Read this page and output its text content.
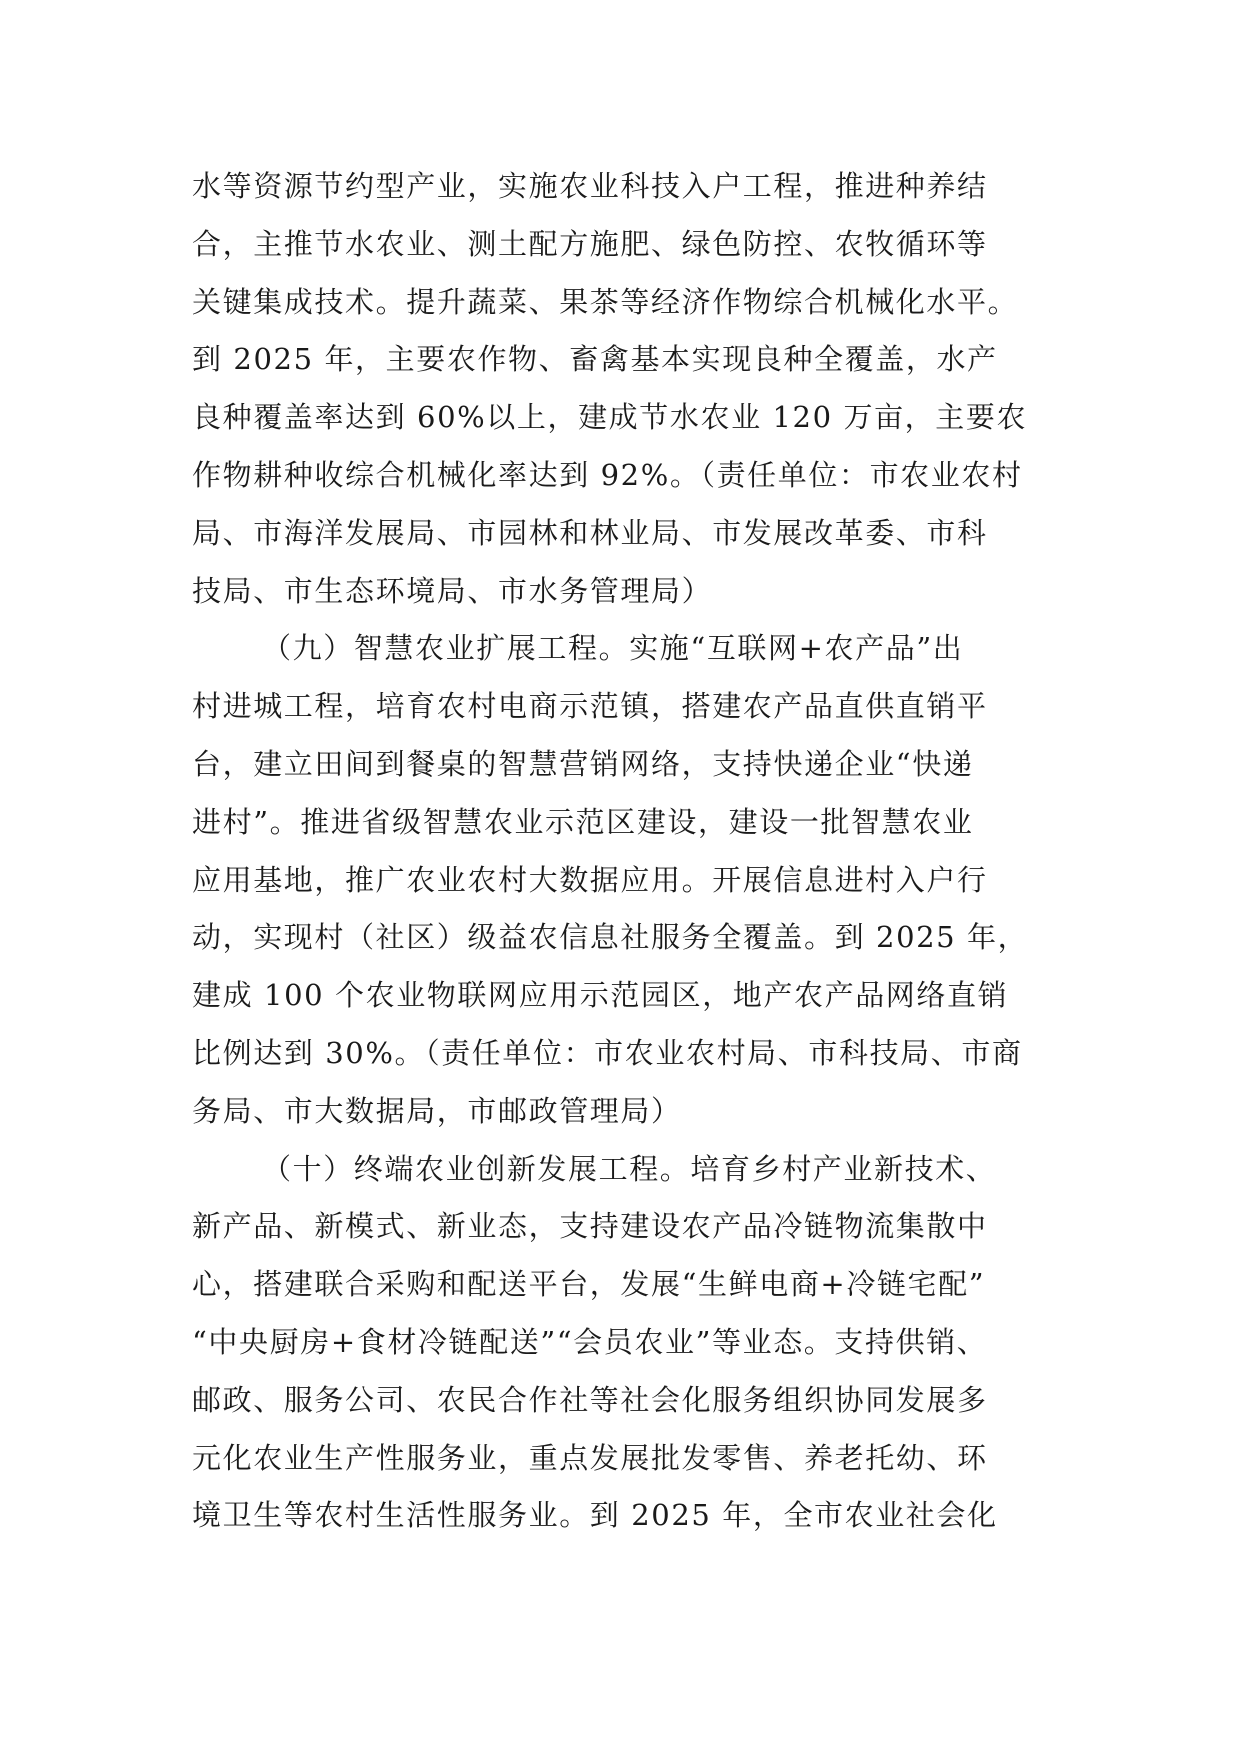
水等资源节约型产业，实施农业科技入户工程，推进种养结
合，主推节水农业、测土配方施肥、绿色防控、农牧循环等
关键集成技术。提升蔬菜、果茶等经济作物综合机械化水平。
到 2025 年，主要农作物、畜禽基本实现良种全覆盖，水产
良种覆盖率达到 60%以上，建成节水农业 120 万亩，主要农
作物耕种收综合机械化率达到 92%。（责任单位：市农业农村
局、市海洋发展局、市园林和林业局、市发展改革委、市科
技局、市生态环境局、市水务管理局）
（九）智慧农业扩展工程。实施“互联网+农产品”出
村进城工程，培育农村电商示范镇，搭建农产品直供直销平
台，建立田间到餐桌的智慧营销网络，支持快递企业“快递
进村”。推进省级智慧农业示范区建设，建设一批智慧农业
应用基地，推广农业农村大数据应用。开展信息进村入户行
动，实现村（社区）级益农信息社服务全覆盖。到 2025 年，
建成 100 个农业物联网应用示范园区，地产农产品网络直销
比例达到 30%。（责任单位：市农业农村局、市科技局、市商
务局、市大数据局，市邮政管理局）
（十）终端农业创新发展工程。培育乡村产业新技术、
新产品、新模式、新业态，支持建设农产品冷链物流集散中
心，搭建联合采购和配送平台，发展“生鲜电商+冷链宅配”
“中央厨房+食材冷链配送”“会员农业”等业态。支持供销、
邮政、服务公司、农民合作社等社会化服务组织协同发展多
元化农业生产性服务业，重点发展批发零售、养老托幼、环
境卫生等农村生活性服务业。到 2025 年，全市农业社会化
